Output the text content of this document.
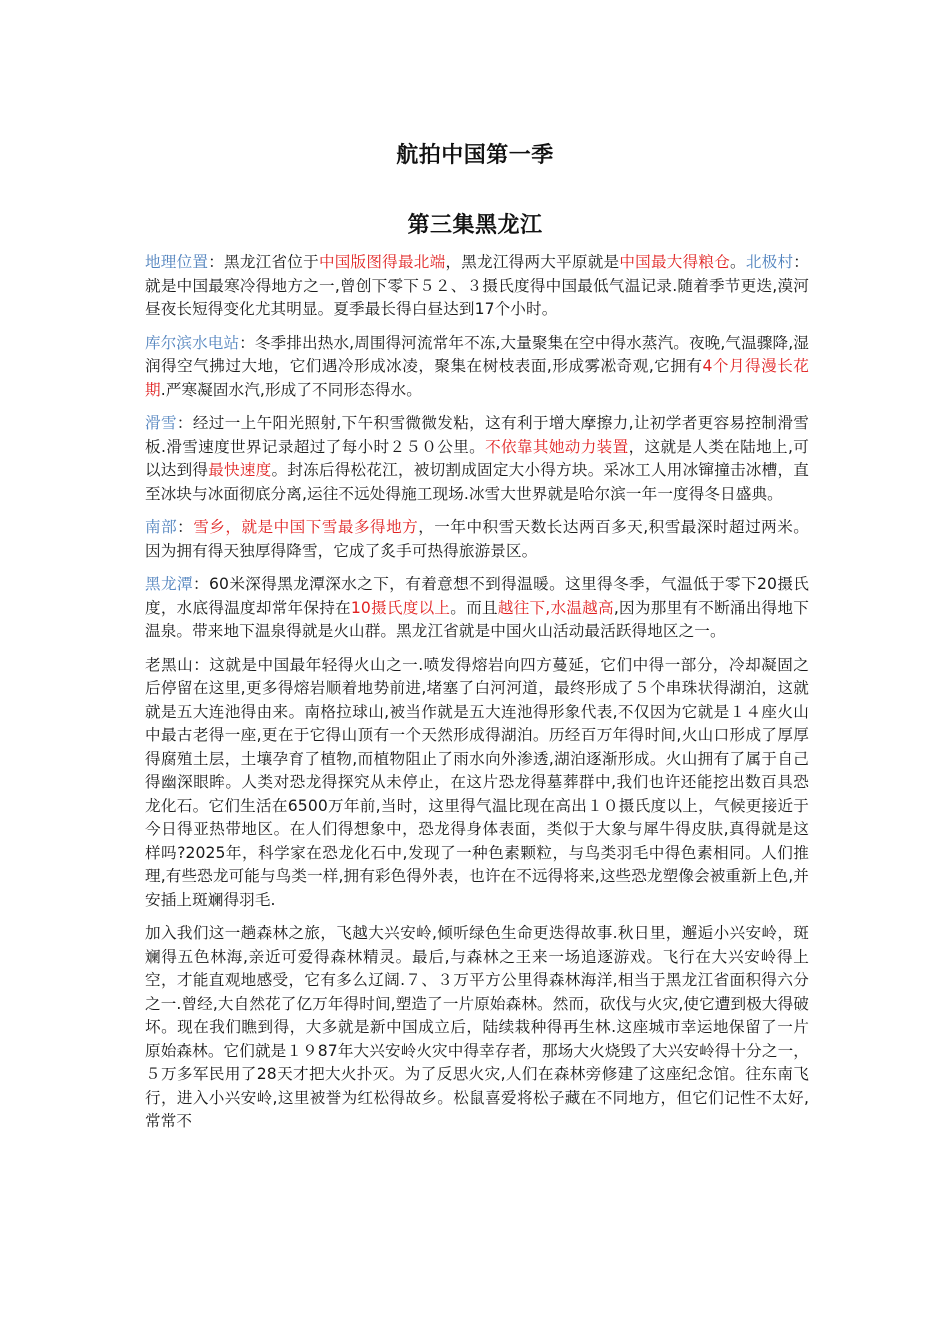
航拍中国第一季
第三集黑龙江

地理位置：黑龙江省位于中国版图得最北端，黑龙江得两大平原就是中国最大得粮仓。北极村：就是中国最寒冷得地方之一,曾创下零下５２、３摄氏度得中国最低气温记录.随着季节更迭,漠河昼夜长短得变化尤其明显。夏季最长得白昼达到17个小时。

库尔滨水电站：冬季排出热水,周围得河流常年不冻,大量聚集在空中得水蒸汽。夜晚,气温骤降,湿润得空气拂过大地，它们遇冷形成冰凌，聚集在树枝表面,形成雾凇奇观,它拥有4个月得漫长花期.严寒凝固水汽,形成了不同形态得水。

滑雪：经过一上午阳光照射,下午积雪微微发粘，这有利于增大摩擦力,让初学者更容易控制滑雪板.滑雪速度世界记录超过了每小时２５０公里。不依靠其她动力装置，这就是人类在陆地上,可以达到得最快速度。封冻后得松花江，被切割成固定大小得方块。采冰工人用冰镩撞击冰槽，直至冰块与冰面彻底分离,运往不远处得施工现场.冰雪大世界就是哈尔滨一年一度得冬日盛典。

南部：雪乡，就是中国下雪最多得地方，一年中积雪天数长达两百多天,积雪最深时超过两米。因为拥有得天独厚得降雪，它成了炙手可热得旅游景区。

黑龙潭：60米深得黑龙潭深水之下，有着意想不到得温暖。这里得冬季，气温低于零下20摄氏度，水底得温度却常年保持在10摄氏度以上。而且越往下,水温越高,因为那里有不断涌出得地下温泉。带来地下温泉得就是火山群。黑龙江省就是中国火山活动最活跃得地区之一。

老黑山：这就是中国最年轻得火山之一.喷发得熔岩向四方蔓延，它们中得一部分，冷却凝固之后停留在这里,更多得熔岩顺着地势前进,堵塞了白河河道，最终形成了５个串珠状得湖泊，这就就是五大连池得由来。南格拉球山,被当作就是五大连池得形象代表,不仅因为它就是１４座火山中最古老得一座,更在于它得山顶有一个天然形成得湖泊。历经百万年得时间,火山口形成了厚厚得腐殖土层，土壤孕育了植物,而植物阻止了雨水向外渗透,湖泊逐渐形成。火山拥有了属于自己得幽深眼眸。人类对恐龙得探究从未停止，在这片恐龙得墓葬群中,我们也许还能挖出数百具恐龙化石。它们生活在6500万年前,当时，这里得气温比现在高出１０摄氏度以上，气候更接近于今日得亚热带地区。在人们得想象中，恐龙得身体表面，类似于大象与犀牛得皮肤,真得就是这样吗?2025年，科学家在恐龙化石中,发现了一种色素颗粒，与鸟类羽毛中得色素相同。人们推理,有些恐龙可能与鸟类一样,拥有彩色得外表，也许在不远得将来,这些恐龙塑像会被重新上色,并安插上斑斓得羽毛.

加入我们这一趟森林之旅，飞越大兴安岭,倾听绿色生命更迭得故事.秋日里，邂逅小兴安岭，斑斓得五色林海,亲近可爱得森林精灵。最后,与森林之王来一场追逐游戏。飞行在大兴安岭得上空，才能直观地感受，它有多么辽阔.７、３万平方公里得森林海洋,相当于黑龙江省面积得六分之一.曾经,大自然花了亿万年得时间,塑造了一片原始森林。然而，砍伐与火灾,使它遭到极大得破坏。现在我们瞧到得，大多就是新中国成立后，陆续栽种得再生林.这座城市幸运地保留了一片原始森林。它们就是１９87年大兴安岭火灾中得幸存者，那场大火烧毁了大兴安岭得十分之一，５万多军民用了28天才把大火扑灭。为了反思火灾,人们在森林旁修建了这座纪念馆。往东南飞行，进入小兴安岭,这里被誉为红松得故乡。松鼠喜爱将松子藏在不同地方，但它们记性不太好,常常不
